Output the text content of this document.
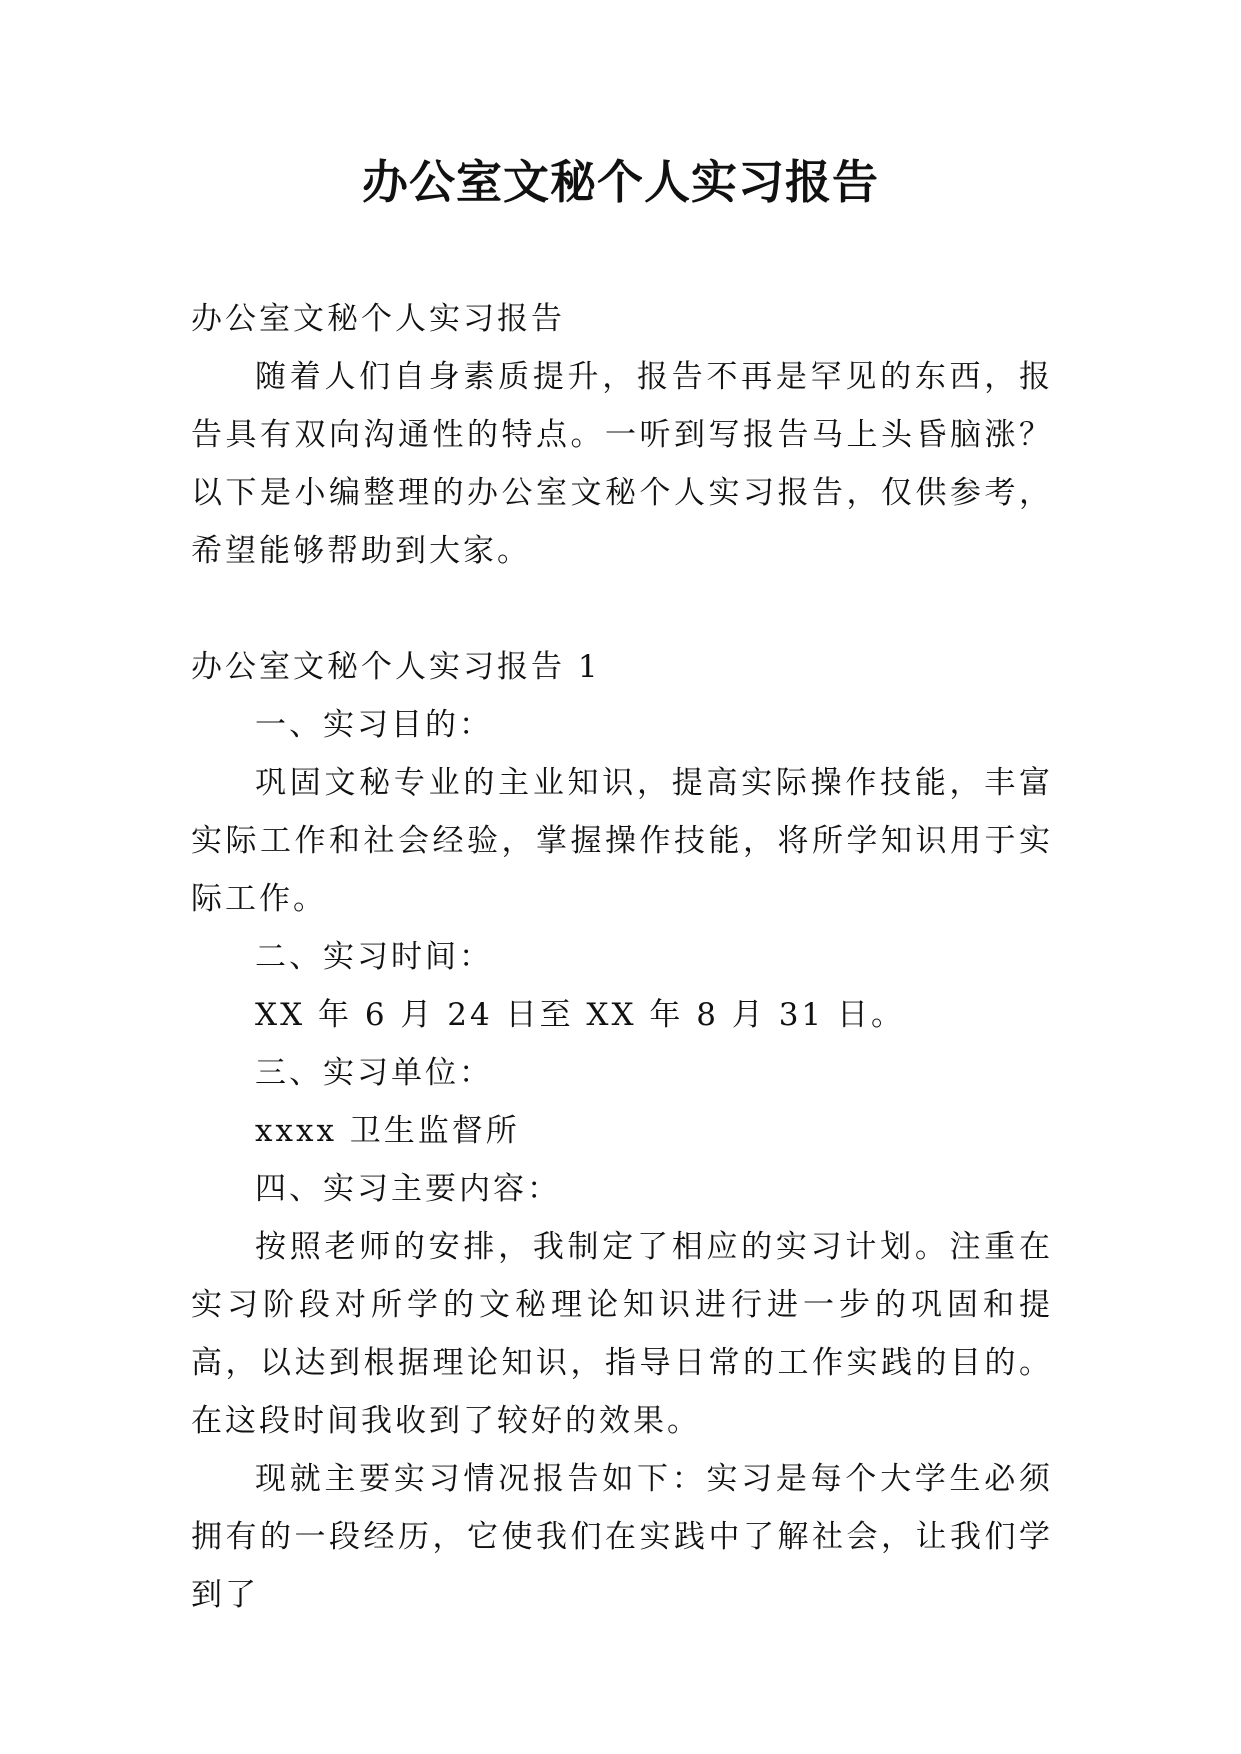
办公室文秘个人实习报告

办公室文秘个人实习报告

随着人们自身素质提升，报告不再是罕见的东西，报告具有双向沟通性的特点。一听到写报告马上头昏脑涨？以下是小编整理的办公室文秘个人实习报告，仅供参考，希望能够帮助到大家。

办公室文秘个人实习报告 1

一、实习目的：

巩固文秘专业的主业知识，提高实际操作技能，丰富实际工作和社会经验，掌握操作技能，将所学知识用于实际工作。

二、实习时间：

XX 年 6 月 24 日至 XX 年 8 月 31 日。

三、实习单位：

xxxx 卫生监督所

四、实习主要内容：

按照老师的安排，我制定了相应的实习计划。注重在实习阶段对所学的文秘理论知识进行进一步的巩固和提高，以达到根据理论知识，指导日常的工作实践的目的。在这段时间我收到了较好的效果。

现就主要实习情况报告如下：实习是每个大学生必须拥有的一段经历，它使我们在实践中了解社会，让我们学到了
